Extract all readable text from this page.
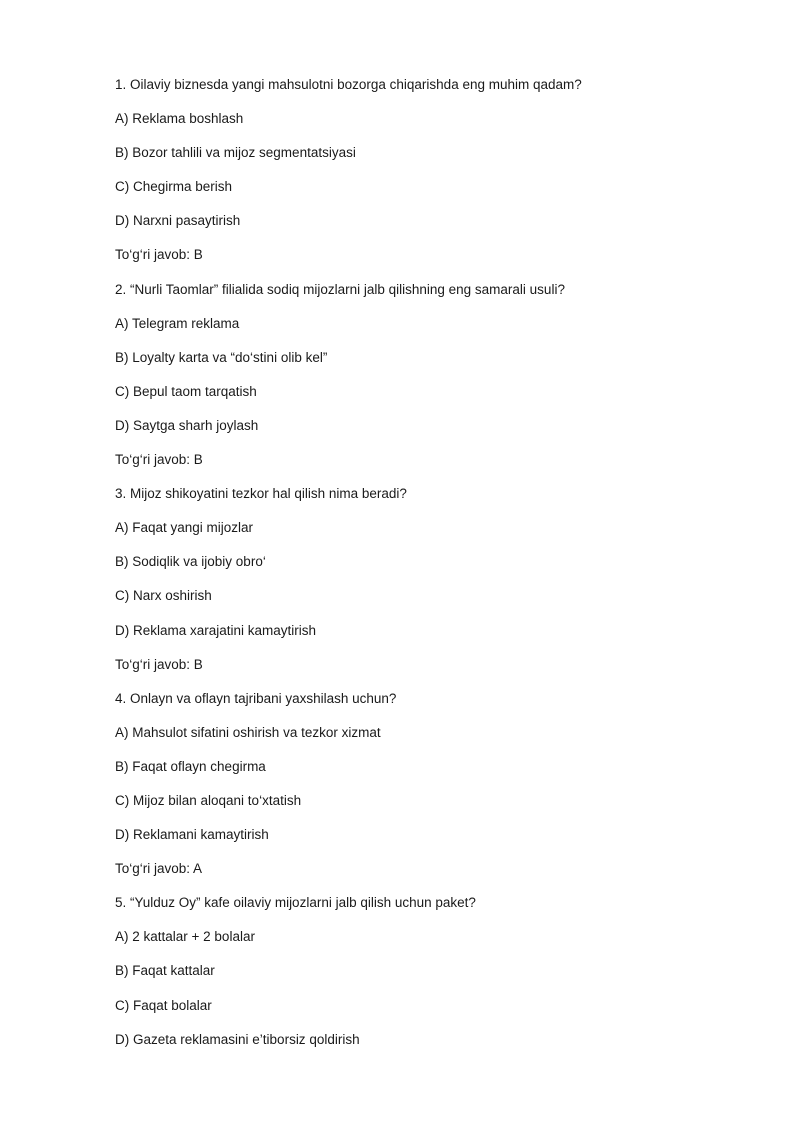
1. Oilaviy biznesda yangi mahsulotni bozorga chiqarishda eng muhim qadam?
A) Reklama boshlash
B) Bozor tahlili va mijoz segmentatsiyasi
C) Chegirma berish
D) Narxni pasaytirish
To‘g‘ri javob: B
2. “Nurli Taomlar” filialida sodiq mijozlarni jalb qilishning eng samarali usuli?
A) Telegram reklama
B) Loyalty karta va “do‘stini olib kel”
C) Bepul taom tarqatish
D) Saytga sharh joylash
To‘g‘ri javob: B
3. Mijoz shikoyatini tezkor hal qilish nima beradi?
A) Faqat yangi mijozlar
B) Sodiqlik va ijobiy obro‘
C) Narx oshirish
D) Reklama xarajatini kamaytirish
To‘g‘ri javob: B
4. Onlayn va oflayn tajribani yaxshilash uchun?
A) Mahsulot sifatini oshirish va tezkor xizmat
B) Faqat oflayn chegirma
C) Mijoz bilan aloqani to‘xtatish
D) Reklamani kamaytirish
To‘g‘ri javob: A
5. “Yulduz Oy” kafe oilaviy mijozlarni jalb qilish uchun paket?
A) 2 kattalar + 2 bolalar
B) Faqat kattalar
C) Faqat bolalar
D) Gazeta reklamasini e’tiborsiz qoldirish
